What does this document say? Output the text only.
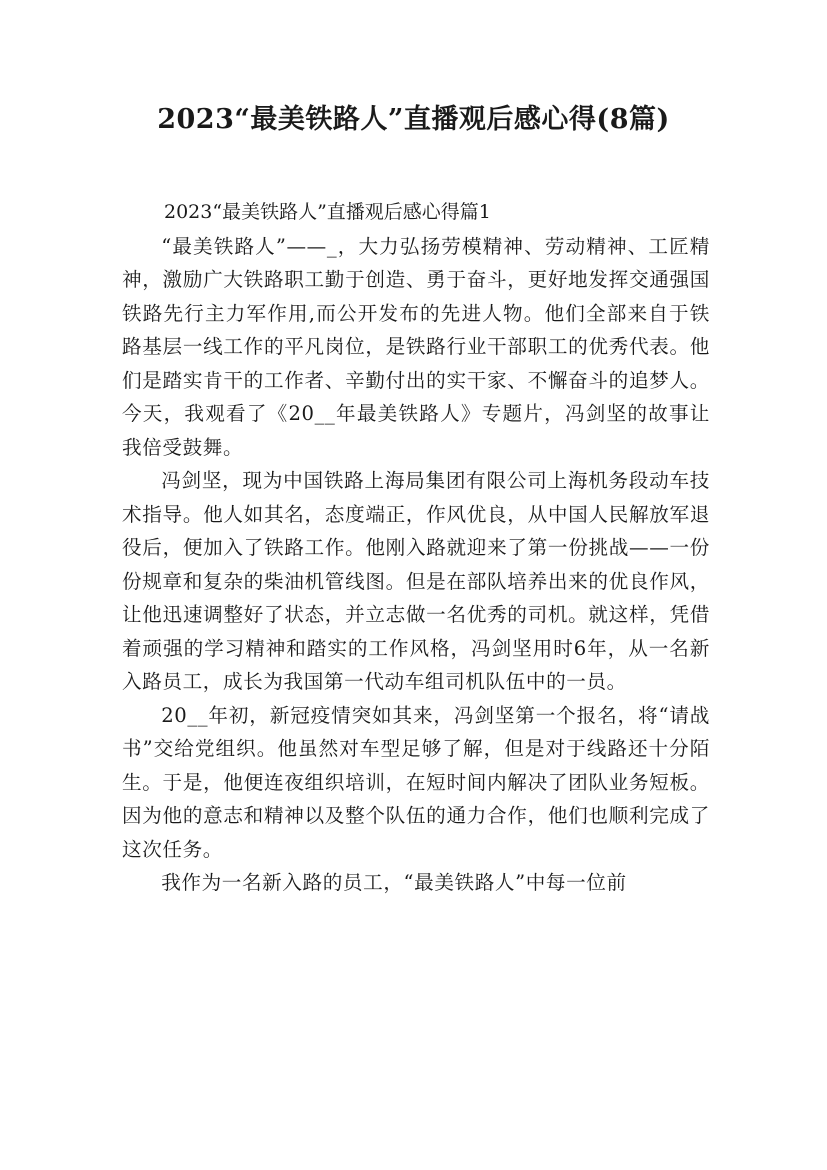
2023“最美铁路人”直播观后感心得(8篇)
2023“最美铁路人”直播观后感心得篇1

“最美铁路人”——_，大力弘扬劳模精神、劳动精神、工匠精神，激励广大铁路职工勤于创造、勇于奋斗，更好地发挥交通强国铁路先行主力军作用,而公开发布的先进人物。他们全部来自于铁路基层一线工作的平凡岗位，是铁路行业干部职工的优秀代表。他们是踏实肯干的工作者、辛勤付出的实干家、不懈奋斗的追梦人。今天，我观看了《20__年最美铁路人》专题片，冯剑坚的故事让我倍受鼓舞。

冯剑坚，现为中国铁路上海局集团有限公司上海机务段动车技术指导。他人如其名，态度端正，作风优良，从中国人民解放军退役后，便加入了铁路工作。他刚入路就迎来了第一份挑战——一份份规章和复杂的柴油机管线图。但是在部队培养出来的优良作风，让他迅速调整好了状态，并立志做一名优秀的司机。就这样，凭借着顽强的学习精神和踏实的工作风格，冯剑坚用时6年，从一名新入路员工，成长为我国第一代动车组司机队伍中的一员。

20__年初，新冠疫情突如其来，冯剑坚第一个报名，将“请战书”交给党组织。他虽然对车型足够了解，但是对于线路还十分陌生。于是，他便连夜组织培训，在短时间内解决了团队业务短板。因为他的意志和精神以及整个队伍的通力合作，他们也顺利完成了这次任务。

我作为一名新入路的员工，“最美铁路人”中每一位前
